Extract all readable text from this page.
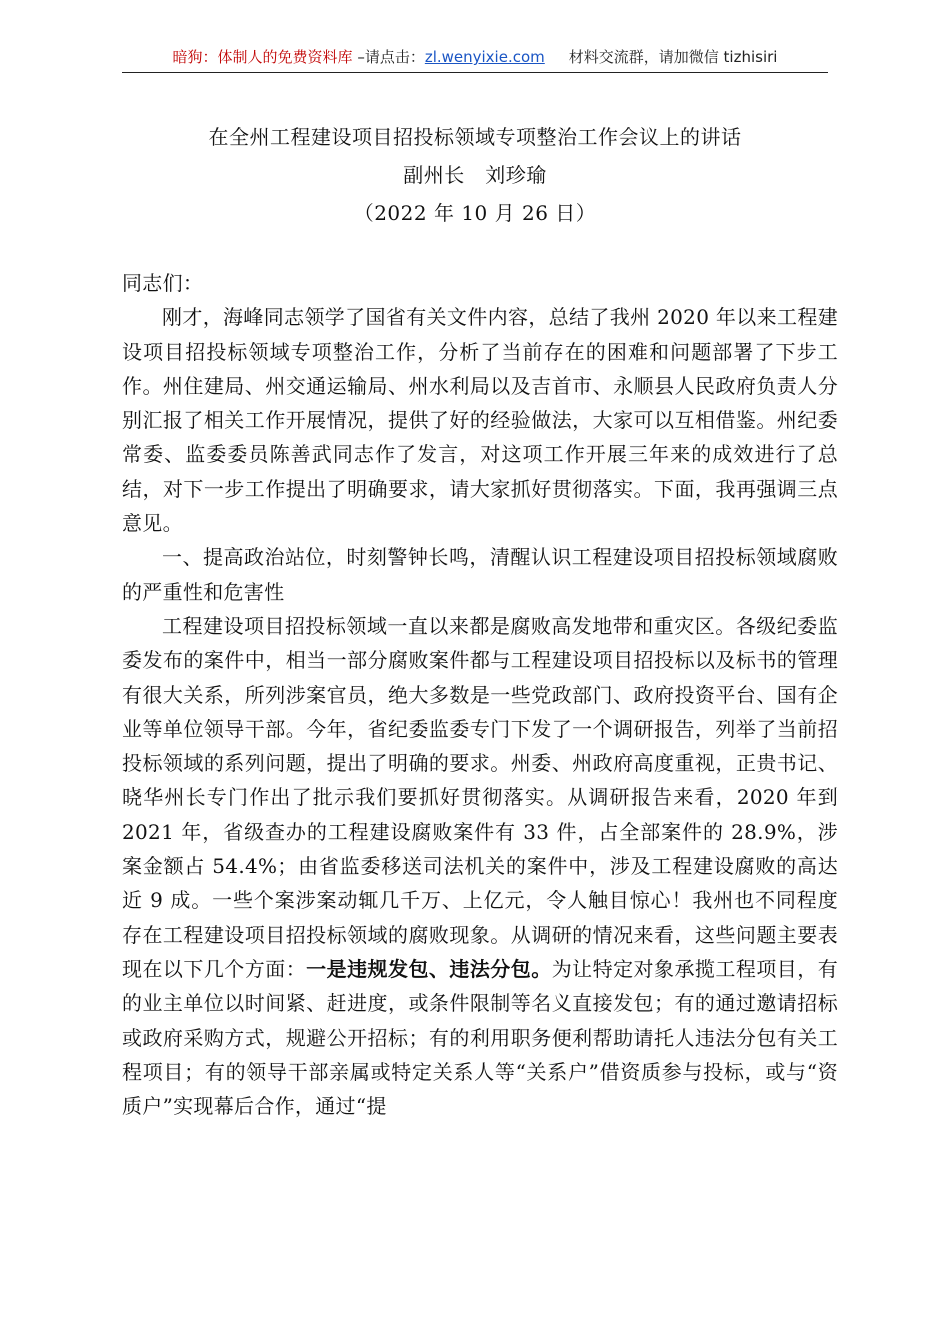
暗狗：体制人的免费资料库 –请点击：zl.wenyixie.com 材料交流群，请加微信 tizhisiri
在全州工程建设项目招投标领域专项整治工作会议上的讲话
副州长　刘珍瑜
（2022 年 10 月 26 日）

同志们：

刚才，海峰同志领学了国省有关文件内容，总结了我州 2020 年以来工程建设项目招投标领域专项整治工作，分析了当前存在的困难和问题部署了下步工作。州住建局、州交通运输局、州水利局以及吉首市、永顺县人民政府负责人分别汇报了相关工作开展情况，提供了好的经验做法，大家可以互相借鉴。州纪委常委、监委委员陈善武同志作了发言，对这项工作开展三年来的成效进行了总结，对下一步工作提出了明确要求，请大家抓好贯彻落实。下面，我再强调三点意见。

一、提高政治站位，时刻警钟长鸣，清醒认识工程建设项目招投标领域腐败的严重性和危害性

工程建设项目招投标领域一直以来都是腐败高发地带和重灾区。各级纪委监委发布的案件中，相当一部分腐败案件都与工程建设项目招投标以及标书的管理有很大关系，所列涉案官员，绝大多数是一些党政部门、政府投资平台、国有企业等单位领导干部。今年，省纪委监委专门下发了一个调研报告，列举了当前招投标领域的系列问题，提出了明确的要求。州委、州政府高度重视，正贵书记、晓华州长专门作出了批示我们要抓好贯彻落实。从调研报告来看，2020 年到 2021 年，省级查办的工程建设腐败案件有 33 件，占全部案件的 28.9%，涉案金额占 54.4%；由省监委移送司法机关的案件中，涉及工程建设腐败的高达近 9 成。一些个案涉案动辄几千万、上亿元，令人触目惊心！我州也不同程度存在工程建设项目招投标领域的腐败现象。从调研的情况来看，这些问题主要表现在以下几个方面：一是违规发包、违法分包。为让特定对象承揽工程项目，有的业主单位以时间紧、赶进度，或条件限制等名义直接发包；有的通过邀请招标或政府采购方式，规避公开招标；有的利用职务便利帮助请托人违法分包有关工程项目；有的领导干部亲属或特定关系人等“关系户”借资质参与投标，或与“资质户”实现幕后合作，通过“提
